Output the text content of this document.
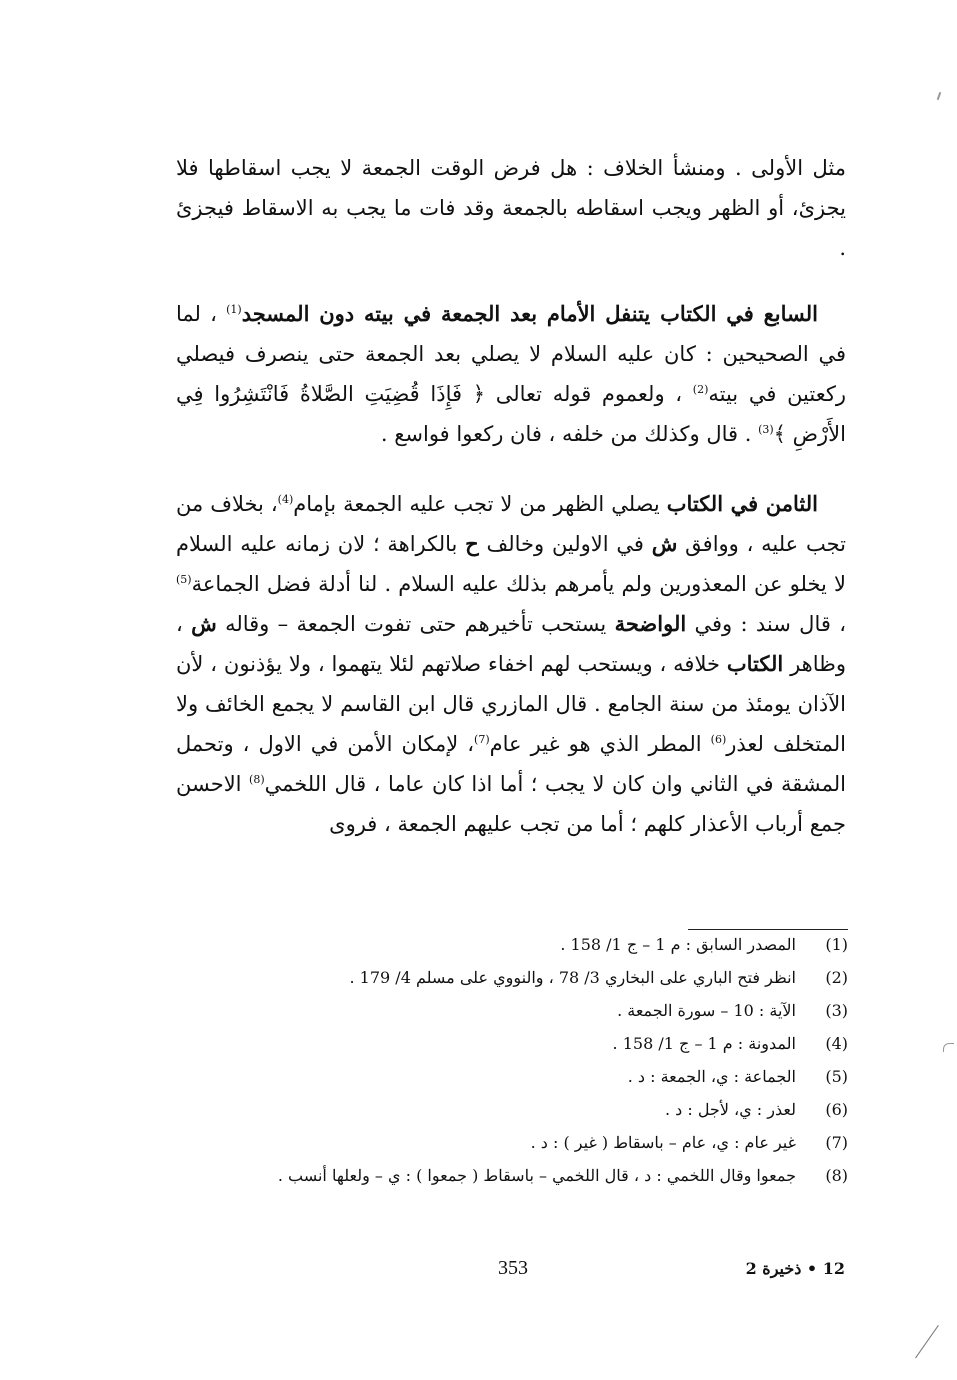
مثل الأولى . ومنشأ الخلاف : هل فرض الوقت الجمعة لا يجب اسقاطها فلا يجزئ، أو الظهر ويجب اسقاطه بالجمعة وقد فات ما يجب به الاسقاط فيجزئ .

السابع في الكتاب يتنفل الأمام بعد الجمعة في بيته دون المسجد$^{(1)}$ ، لما في الصحيحين : كان عليه السلام لا يصلي بعد الجمعة حتى ينصرف فيصلي ركعتين في بيته$^{(2)}$ ، ولعموم قوله تعالى ﴿ فَإِذَا قُضِيَتِ الصَّلاةُ فَانْتَشِرُوا فِي الأَرْضِ ﴾$^{(3)}$ . قال وكذلك من خلفه ، فان ركعوا فواسع .

الثامن في الكتاب يصلي الظهر من لا تجب عليه الجمعة بإمام$^{(4)}$، بخلاف من تجب عليه ، ووافق ش في الاولين وخالف ح بالكراهة ؛ لان زمانه عليه السلام لا يخلو عن المعذورين ولم يأمرهم بذلك عليه السلام . لنا أدلة فضل الجماعة$^{(5)}$ ، قال سند : وفي الواضحة يستحب تأخيرهم حتى تفوت الجمعة – وقاله ش ، وظاهر الكتاب خلافه ، ويستحب لهم اخفاء صلاتهم لئلا يتهموا ، ولا يؤذنون ، لأن الآذان يومئذ من سنة الجامع . قال المازري قال ابن القاسم لا يجمع الخائف ولا المتخلف لعذر$^{(6)}$ المطر الذي هو غير عام$^{(7)}$، لإمكان الأمن في الاول ، وتحمل المشقة في الثاني وان كان لا يجب ؛ أما اذا كان عاما ، قال اللخمي$^{(8)}$ الاحسن جمع أرباب الأعذار كلهم ؛ أما من تجب عليهم الجمعة ، فروى

(1)
المصدر السابق : م 1 – ج 1/ 158 .
(2)
انظر فتح الباري على البخاري 3/ 78 ، والنووي على مسلم 4/ 179 .
(3)
الآية : 10 – سورة الجمعة .
(4)
المدونة : م 1 – ج 1/ 158 .
(5)
الجماعة : ي، الجمعة : د .
(6)
لعذر : ي، لأجل : د .
(7)
غير عام : ي، عام – باسقاط ( غير ) : د .
(8)
جمعوا وقال اللخمي : د ، قال اللخمي – باسقاط ( جمعوا ) : ي – ولعلها أنسب .
353	12 • ذخيرة 2
